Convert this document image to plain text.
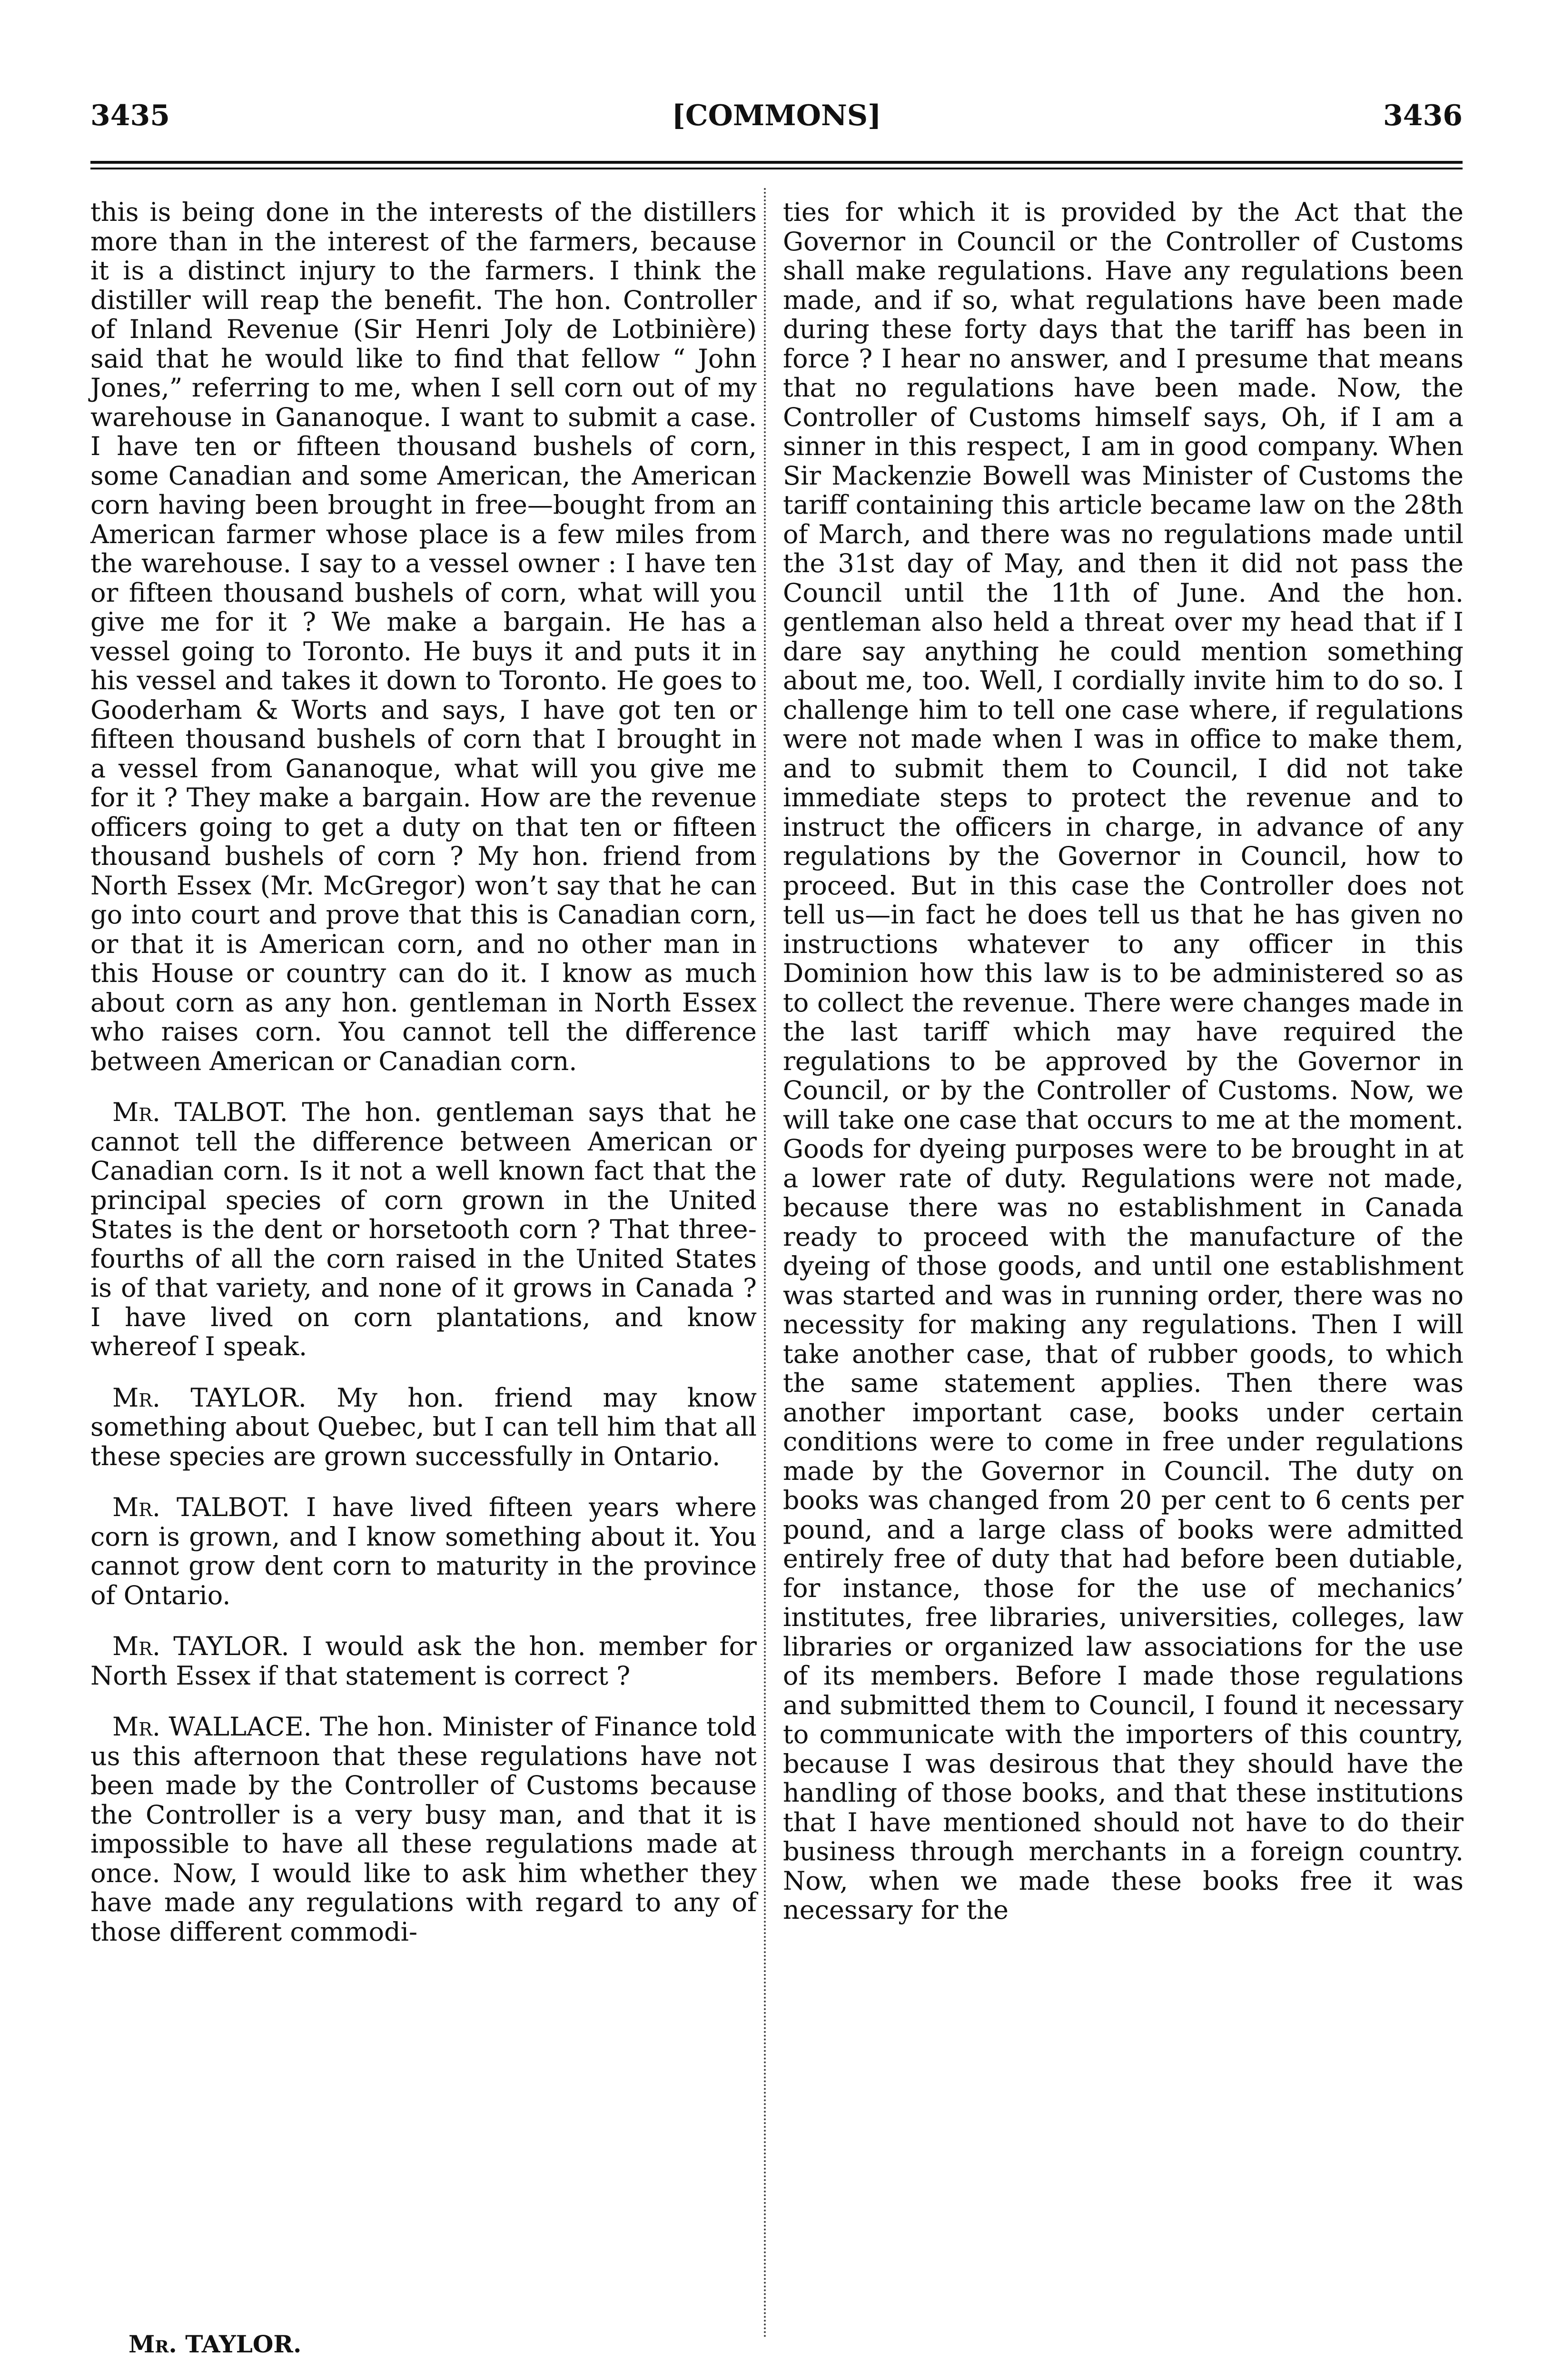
3435	[COMMONS]	3436

this is being done in the interests of the distillers more than in the interest of the farmers, because it is a distinct injury to the farmers. I think the distiller will reap the benefit. The hon. Controller of Inland Revenue (Sir Henri Joly de Lotbinière) said that he would like to find that fellow “ John Jones,” referring to me, when I sell corn out of my warehouse in Gananoque. I want to submit a case. I have ten or fifteen thousand bushels of corn, some Canadian and some American, the American corn having been brought in free—bought from an American farmer whose place is a few miles from the warehouse. I say to a vessel owner : I have ten or fifteen thousand bushels of corn, what will you give me for it ? We make a bargain. He has a vessel going to Toronto. He buys it and puts it in his vessel and takes it down to Toronto. He goes to Gooderham & Worts and says, I have got ten or fifteen thousand bushels of corn that I brought in a vessel from Gananoque, what will you give me for it ? They make a bargain. How are the revenue officers going to get a duty on that ten or fifteen thousand bushels of corn ? My hon. friend from North Essex (Mr. McGregor) won’t say that he can go into court and prove that this is Canadian corn, or that it is American corn, and no other man in this House or country can do it. I know as much about corn as any hon. gentleman in North Essex who raises corn. You cannot tell the difference between American or Canadian corn.

Mr. TALBOT. The hon. gentleman says that he cannot tell the difference between American or Canadian corn. Is it not a well known fact that the principal species of corn grown in the United States is the dent or horsetooth corn ? That three-fourths of all the corn raised in the United States is of that variety, and none of it grows in Canada ? I have lived on corn plantations, and know whereof I speak.

Mr. TAYLOR. My hon. friend may know something about Quebec, but I can tell him that all these species are grown successfully in Ontario.

Mr. TALBOT. I have lived fifteen years where corn is grown, and I know something about it. You cannot grow dent corn to maturity in the province of Ontario.

Mr. TAYLOR. I would ask the hon. member for North Essex if that statement is correct ?

Mr. WALLACE. The hon. Minister of Finance told us this afternoon that these regulations have not been made by the Controller of Customs because the Controller is a very busy man, and that it is impossible to have all these regulations made at once. Now, I would like to ask him whether they have made any regulations with regard to any of those different commodi-

ties for which it is provided by the Act that the Governor in Council or the Controller of Customs shall make regulations. Have any regulations been made, and if so, what regulations have been made during these forty days that the tariff has been in force ? I hear no answer, and I presume that means that no regulations have been made. Now, the Controller of Customs himself says, Oh, if I am a sinner in this respect, I am in good company. When Sir Mackenzie Bowell was Minister of Customs the tariff containing this article became law on the 28th of March, and there was no regulations made until the 31st day of May, and then it did not pass the Council until the 11th of June. And the hon. gentleman also held a threat over my head that if I dare say anything he could mention something about me, too. Well, I cordially invite him to do so. I challenge him to tell one case where, if regulations were not made when I was in office to make them, and to submit them to Council, I did not take immediate steps to protect the revenue and to instruct the officers in charge, in advance of any regulations by the Governor in Council, how to proceed. But in this case the Controller does not tell us—in fact he does tell us that he has given no instructions whatever to any officer in this Dominion how this law is to be administered so as to collect the revenue. There were changes made in the last tariff which may have required the regulations to be approved by the Governor in Council, or by the Controller of Customs. Now, we will take one case that occurs to me at the moment. Goods for dyeing purposes were to be brought in at a lower rate of duty. Regulations were not made, because there was no establishment in Canada ready to proceed with the manufacture of the dyeing of those goods, and until one establishment was started and was in running order, there was no necessity for making any regulations. Then I will take another case, that of rubber goods, to which the same statement applies. Then there was another important case, books under certain conditions were to come in free under regulations made by the Governor in Council. The duty on books was changed from 20 per cent to 6 cents per pound, and a large class of books were admitted entirely free of duty that had before been dutiable, for instance, those for the use of mechanics’ institutes, free libraries, universities, colleges, law libraries or organized law associations for the use of its members. Before I made those regulations and submitted them to Council, I found it necessary to communicate with the importers of this country, because I was desirous that they should have the handling of those books, and that these institutions that I have mentioned should not have to do their business through merchants in a foreign country. Now, when we made these books free it was necessary for the

Mr. TAYLOR.
